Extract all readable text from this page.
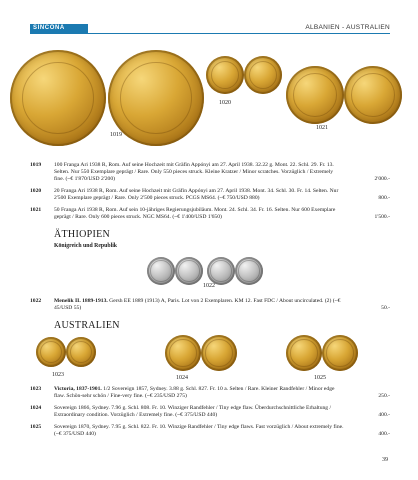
SINCONA	ALBANIEN - AUSTRALIEN
1019
1020
1021
1019 100 Franga Ari 1938 R, Rom. Auf seine Hochzeit mit Gräfin Appónyi am 27. April 1938. 32.22 g. Mont. 22. Schl. 29. Fr. 13. Selten. Nur 550 Exemplare geprägt / Rare. Only 550 pieces struck. Kleine Kratzer / Minor scratches. Vorzüglich / Extremely fine. (~€ 1'870/USD 2'200)	2'000.-
1020 20 Franga Ari 1938 R, Rom. Auf seine Hochzeit mit Gräfin Appónyi am 27. April 1938. Mont. 34. Schl. 30. Fr. 14. Selten. Nur 2'500 Exemplare geprägt / Rare. Only 2'500 pieces struck. PCGS MS64. (~€ 750/USD 880)	800.-
1021 50 Franga Ari 1938 R, Rom. Auf sein 10-jähriges Regierungsjubiläum. Mont. 24. Schl. 34. Fr. 16. Selten. Nur 600 Exemplare geprägt / Rare. Only 600 pieces struck. NGC MS64. (~€ 1'400/USD 1'650)	1'500.-
ÄTHIOPIEN
Königreich und Republik
1022
1022 Menelik II. 1889-1913. Gersh EE 1889 (1913) A, Paris. Lot von 2 Exemplaren. KM 12. Fast FDC / About uncirculated. (2) (~€ 45/USD 55)	50.-
AUSTRALIEN
1023	1024	1025
1023 Victoria, 1837-1901. 1/2 Sovereign 1857, Sydney. 3.88 g. Schl. 827. Fr. 10 a. Selten / Rare. Kleiner Randfehler / Minor edge flaw. Schön-sehr schön / Fine-very fine. (~€ 235/USD 275)	250.-
1024 Sovereign 1866, Sydney. 7.96 g. Schl. 808. Fr. 10. Winziger Randfehler / Tiny edge flaw. Überdurchschnittliche Erhaltung / Extraordinary condition. Vorzüglich / Extremely fine. (~€ 375/USD 440)	400.-
1025 Sovereign 1870, Sydney. 7.95 g. Schl. 822. Fr. 10. Winzige Randfehler / Tiny edge flaws. Fast vorzüglich / About extremely fine. (~€ 375/USD 440)	400.-
39
